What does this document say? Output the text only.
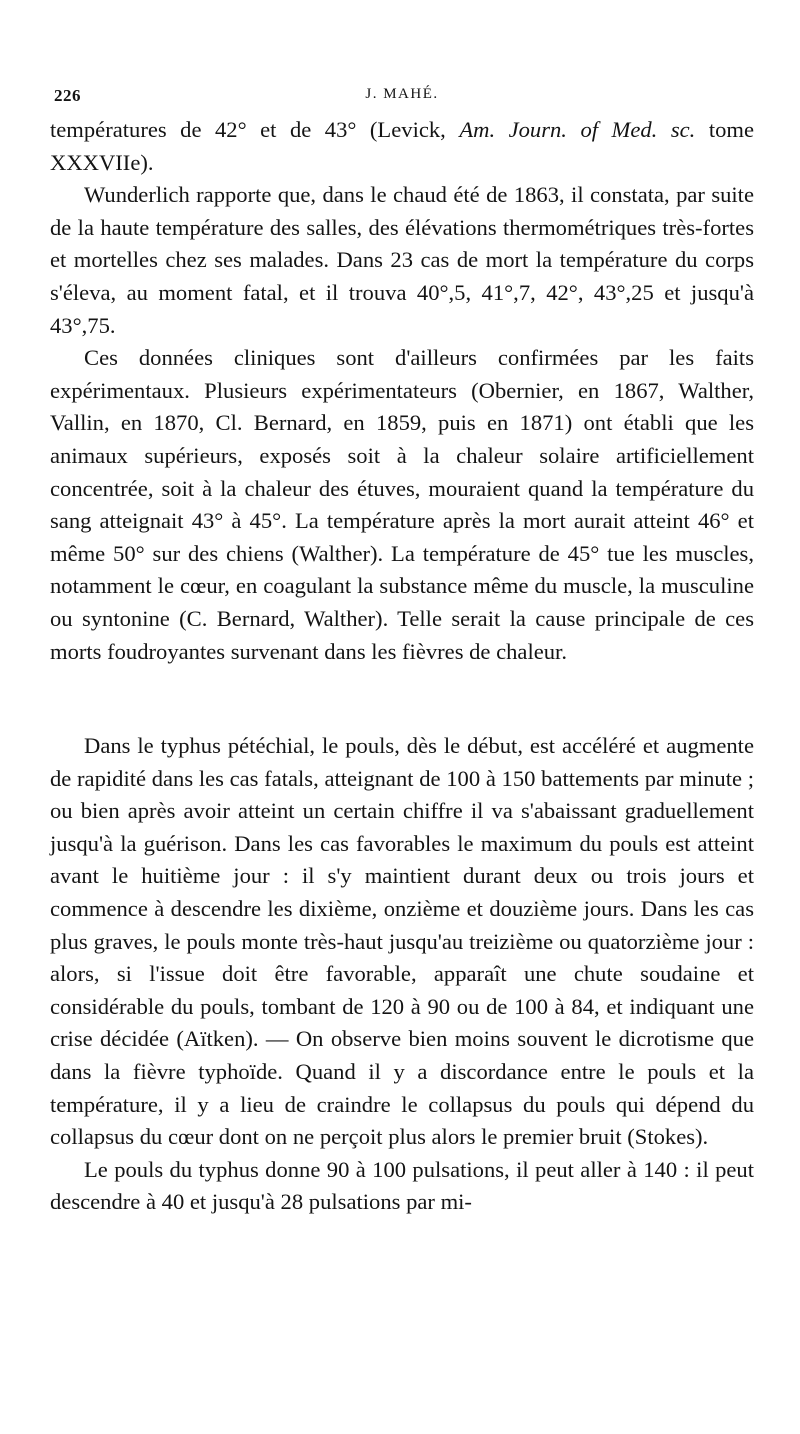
226	J. MAHÉ.

températures de 42° et de 43° (Levick, Am. Journ. of Med. sc. tome XXXVIIe).

Wunderlich rapporte que, dans le chaud été de 1863, il constata, par suite de la haute température des salles, des élévations thermométriques très-fortes et mortelles chez ses malades. Dans 23 cas de mort la température du corps s'éleva, au moment fatal, et il trouva 40°,5, 41°,7, 42°, 43°,25 et jusqu'à 43°,75.

Ces données cliniques sont d'ailleurs confirmées par les faits expérimentaux. Plusieurs expérimentateurs (Obernier, en 1867, Walther, Vallin, en 1870, Cl. Bernard, en 1859, puis en 1871) ont établi que les animaux supérieurs, exposés soit à la chaleur solaire artificiellement concentrée, soit à la chaleur des étuves, mouraient quand la température du sang atteignait 43° à 45°. La température après la mort aurait atteint 46° et même 50° sur des chiens (Walther). La température de 45° tue les muscles, notamment le cœur, en coagulant la substance même du muscle, la musculine ou syntonine (C. Bernard, Walther). Telle serait la cause principale de ces morts foudroyantes survenant dans les fièvres de chaleur.

Dans le typhus pétéchial, le pouls, dès le début, est accéléré et augmente de rapidité dans les cas fatals, atteignant de 100 à 150 battements par minute ; ou bien après avoir atteint un certain chiffre il va s'abaissant graduellement jusqu'à la guérison. Dans les cas favorables le maximum du pouls est atteint avant le huitième jour : il s'y maintient durant deux ou trois jours et commence à descendre les dixième, onzième et douzième jours. Dans les cas plus graves, le pouls monte très-haut jusqu'au treizième ou quatorzième jour : alors, si l'issue doit être favorable, apparaît une chute soudaine et considérable du pouls, tombant de 120 à 90 ou de 100 à 84, et indiquant une crise décidée (Aïtken). — On observe bien moins souvent le dicrotisme que dans la fièvre typhoïde. Quand il y a discordance entre le pouls et la température, il y a lieu de craindre le collapsus du pouls qui dépend du collapsus du cœur dont on ne perçoit plus alors le premier bruit (Stokes).

Le pouls du typhus donne 90 à 100 pulsations, il peut aller à 140 : il peut descendre à 40 et jusqu'à 28 pulsations par mi-
